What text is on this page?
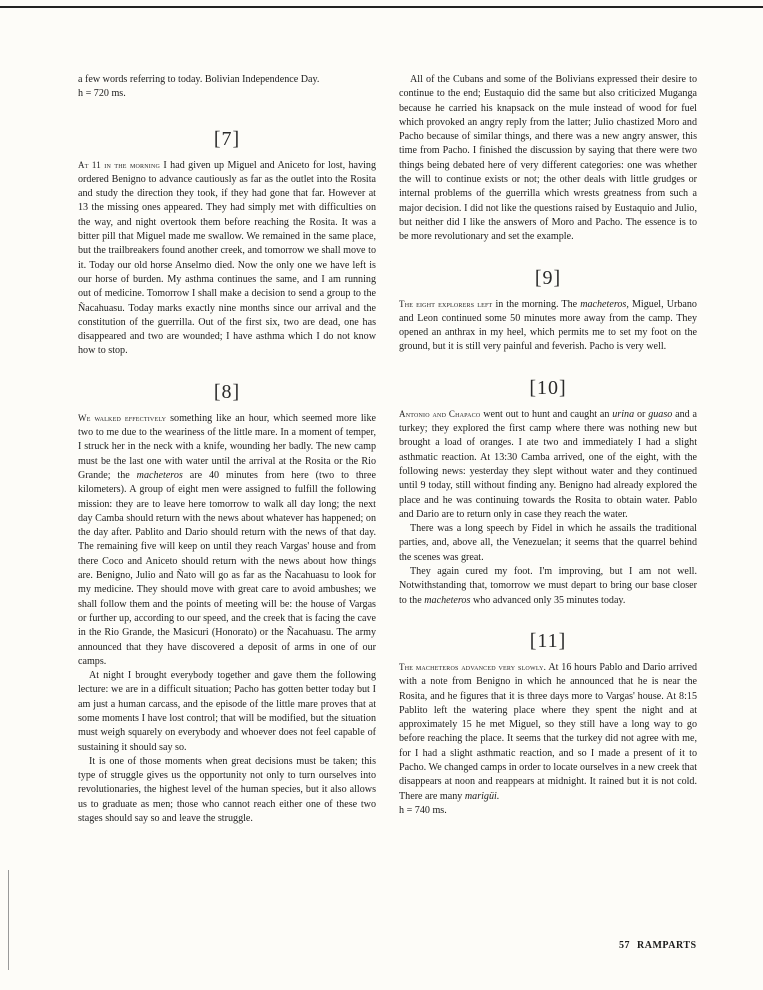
a few words referring to today. Bolivian Independence Day.

h = 720 ms.

[7]

At 11 in the morning I had given up Miguel and Aniceto for lost, having ordered Benigno to advance cautiously as far as the outlet into the Rosita and study the direction they took, if they had gone that far. However at 13 the missing ones appeared. They had simply met with difficulties on the way, and night overtook them before reaching the Rosita. It was a bitter pill that Miguel made me swallow. We remained in the same place, but the trailbreakers found another creek, and tomorrow we shall move to it. Today our old horse Anselmo died. Now the only one we have left is our horse of burden. My asthma continues the same, and I am running out of medicine. Tomorrow I shall make a decision to send a group to the Ñacahuasu. Today marks exactly nine months since our arrival and the constitution of the guerrilla. Out of the first six, two are dead, one has disappeared and two are wounded; I have asthma which I do not know how to stop.

[8]

We walked effectively something like an hour, which seemed more like two to me due to the weariness of the little mare. In a moment of temper, I struck her in the neck with a knife, wounding her badly. The new camp must be the last one with water until the arrival at the Rosita or the Rio Grande; the macheteros are 40 minutes from here (two to three kilometers). A group of eight men were assigned to fulfill the following mission: they are to leave here tomorrow to walk all day long; the next day Camba should return with the news about whatever has happened; on the day after. Pablito and Dario should return with the news of that day. The remaining five will keep on until they reach Vargas' house and from there Coco and Aniceto should return with the news about how things are. Benigno, Julio and Ñato will go as far as the Ñacahuasu to look for my medicine. They should move with great care to avoid ambushes; we shall follow them and the points of meeting will be: the house of Vargas or further up, according to our speed, and the creek that is facing the cave in the Rio Grande, the Masicuri (Honorato) or the Ñacahuasu. The army announced that they have discovered a deposit of arms in one of our camps.

At night I brought everybody together and gave them the following lecture: we are in a difficult situation; Pacho has gotten better today but I am just a human carcass, and the episode of the little mare proves that at some moments I have lost control; that will be modified, but the situation must weigh squarely on everybody and whoever does not feel capable of sustaining it should say so.

It is one of those moments when great decisions must be taken; this type of struggle gives us the opportunity not only to turn ourselves into revolutionaries, the highest level of the human species, but it also allows us to graduate as men; those who cannot reach either one of these two stages should say so and leave the struggle.

All of the Cubans and some of the Bolivians expressed their desire to continue to the end; Eustaquio did the same but also criticized Muganga because he carried his knapsack on the mule instead of wood for fuel which provoked an angry reply from the latter; Julio chastized Moro and Pacho because of similar things, and there was a new angry answer, this time from Pacho. I finished the discussion by saying that there were two things being debated here of very different categories: one was whether the will to continue exists or not; the other deals with little grudges or internal problems of the guerrilla which wrests greatness from such a major decision. I did not like the questions raised by Eustaquio and Julio, but neither did I like the answers of Moro and Pacho. The essence is to be more revolutionary and set the example.

[9]

The eight explorers left in the morning. The macheteros, Miguel, Urbano and Leon continued some 50 minutes more away from the camp. They opened an anthrax in my heel, which permits me to set my foot on the ground, but it is still very painful and feverish. Pacho is very well.

[10]

Antonio and Chapaco went out to hunt and caught an urina or guaso and a turkey; they explored the first camp where there was nothing new but brought a load of oranges. I ate two and immediately I had a slight asthmatic reaction. At 13:30 Camba arrived, one of the eight, with the following news: yesterday they slept without water and they continued until 9 today, still without finding any. Benigno had already explored the place and he was continuing towards the Rosita to obtain water. Pablo and Dario are to return only in case they reach the water.

There was a long speech by Fidel in which he assails the traditional parties, and, above all, the Venezuelan; it seems that the quarrel behind the scenes was great.

They again cured my foot. I'm improving, but I am not well. Notwithstanding that, tomorrow we must depart to bring our base closer to the macheteros who advanced only 35 minutes today.

[11]

The macheteros advanced very slowly. At 16 hours Pablo and Dario arrived with a note from Benigno in which he announced that he is near the Rosita, and he figures that it is three days more to Vargas' house. At 8:15 Pablito left the watering place where they spent the night and at approximately 15 he met Miguel, so they still have a long way to go before reaching the place. It seems that the turkey did not agree with me, for I had a slight asthmatic reaction, and so I made a present of it to Pacho. We changed camps in order to locate ourselves in a new creek that disappears at noon and reappears at midnight. It rained but it is not cold. There are many marigüi.

h = 740 ms.

57 RAMPARTS
